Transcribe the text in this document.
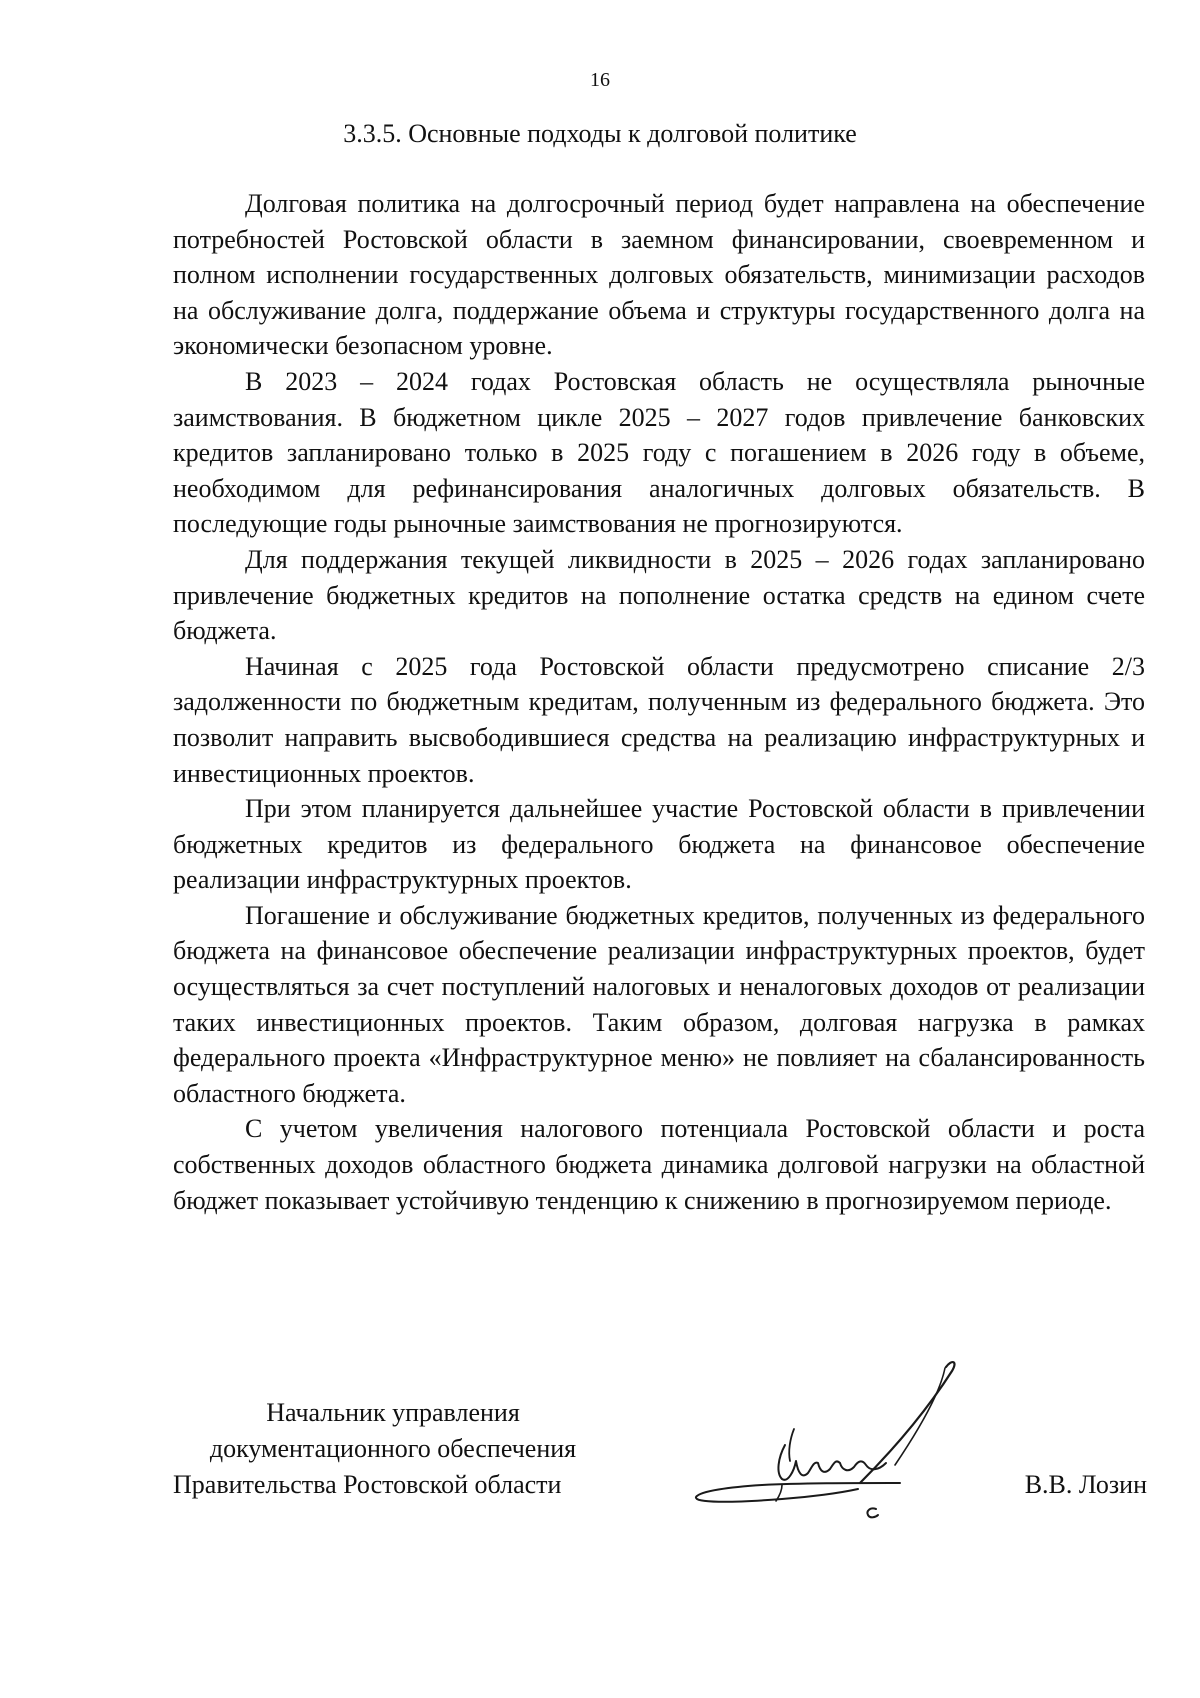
16
3.3.5. Основные подходы к долговой политике

Долговая политика на долгосрочный период будет направлена на обеспечение потребностей Ростовской области в заемном финансировании, своевременном и полном исполнении государственных долговых обязательств, минимизации расходов на обслуживание долга, поддержание объема и структуры государственного долга на экономически безопасном уровне.

В 2023 – 2024 годах Ростовская область не осуществляла рыночные заимствования. В бюджетном цикле 2025 – 2027 годов привлечение банковских кредитов запланировано только в 2025 году с погашением в 2026 году в объеме, необходимом для рефинансирования аналогичных долговых обязательств. В последующие годы рыночные заимствования не прогнозируются.

Для поддержания текущей ликвидности в 2025 – 2026 годах запланировано привлечение бюджетных кредитов на пополнение остатка средств на едином счете бюджета.

Начиная с 2025 года Ростовской области предусмотрено списание 2/3 задолженности по бюджетным кредитам, полученным из федерального бюджета. Это позволит направить высвободившиеся средства на реализацию инфраструктурных и инвестиционных проектов.

При этом планируется дальнейшее участие Ростовской области в привлечении бюджетных кредитов из федерального бюджета на финансовое обеспечение реализации инфраструктурных проектов.

Погашение и обслуживание бюджетных кредитов, полученных из федерального бюджета на финансовое обеспечение реализации инфраструктурных проектов, будет осуществляться за счет поступлений налоговых и неналоговых доходов от реализации таких инвестиционных проектов. Таким образом, долговая нагрузка в рамках федерального проекта «Инфраструктурное меню» не повлияет на сбалансированность областного бюджета.

С учетом увеличения налогового потенциала Ростовской области и роста собственных доходов областного бюджета динамика долговой нагрузки на областной бюджет показывает устойчивую тенденцию к снижению в прогнозируемом периоде.

Начальник управления
документационного обеспечения
Правительства Ростовской области	В.В. Лозин
